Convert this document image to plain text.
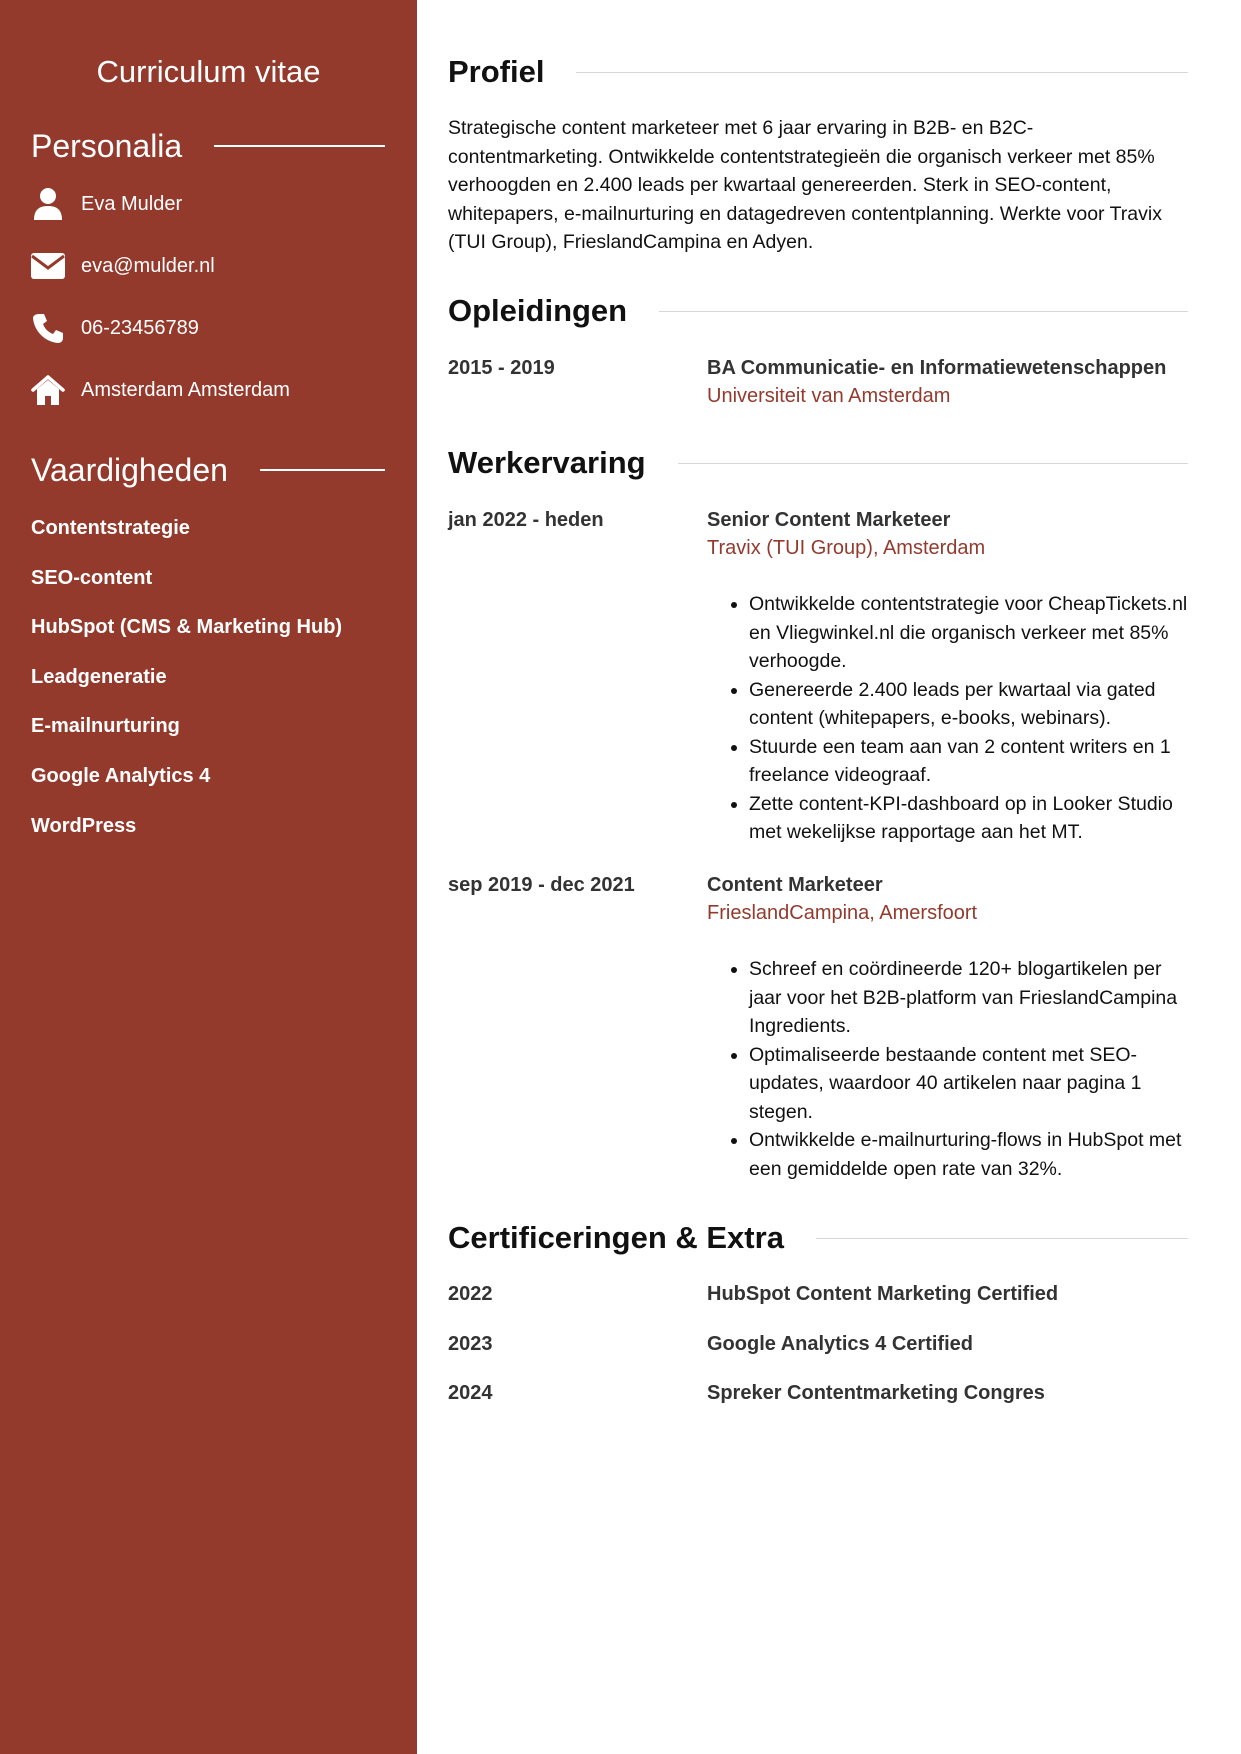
Curriculum vitae
Personalia
Eva Mulder
eva@mulder.nl
06-23456789
Amsterdam Amsterdam
Vaardigheden
Contentstrategie
SEO-content
HubSpot (CMS & Marketing Hub)
Leadgeneratie
E-mailnurturing
Google Analytics 4
WordPress
Profiel

Strategische content marketeer met 6 jaar ervaring in B2B- en B2C-contentmarketing. Ontwikkelde contentstrategieën die organisch verkeer met 85% verhoogden en 2.400 leads per kwartaal genereerden. Sterk in SEO-content, whitepapers, e-mailnurturing en datagedreven contentplanning. Werkte voor Travix (TUI Group), FrieslandCampina en Adyen.

Opleidingen
2015 - 2019	BA Communicatie- en Informatiewetenschappen
Universiteit van Amsterdam
Werkervaring
jan 2022 - heden	Senior Content Marketeer
Travix (TUI Group), Amsterdam
• Ontwikkelde contentstrategie voor CheapTickets.nl en Vliegwinkel.nl die organisch verkeer met 85% verhoogde.
• Genereerde 2.400 leads per kwartaal via gated content (whitepapers, e-books, webinars).
• Stuurde een team aan van 2 content writers en 1 freelance videograaf.
• Zette content-KPI-dashboard op in Looker Studio met wekelijkse rapportage aan het MT.
sep 2019 - dec 2021	Content Marketeer
FrieslandCampina, Amersfoort
• Schreef en coördineerde 120+ blogartikelen per jaar voor het B2B-platform van FrieslandCampina Ingredients.
• Optimaliseerde bestaande content met SEO-updates, waardoor 40 artikelen naar pagina 1 stegen.
• Ontwikkelde e-mailnurturing-flows in HubSpot met een gemiddelde open rate van 32%.
Certificeringen & Extra
2022	HubSpot Content Marketing Certified
2023	Google Analytics 4 Certified
2024	Spreker Contentmarketing Congres
